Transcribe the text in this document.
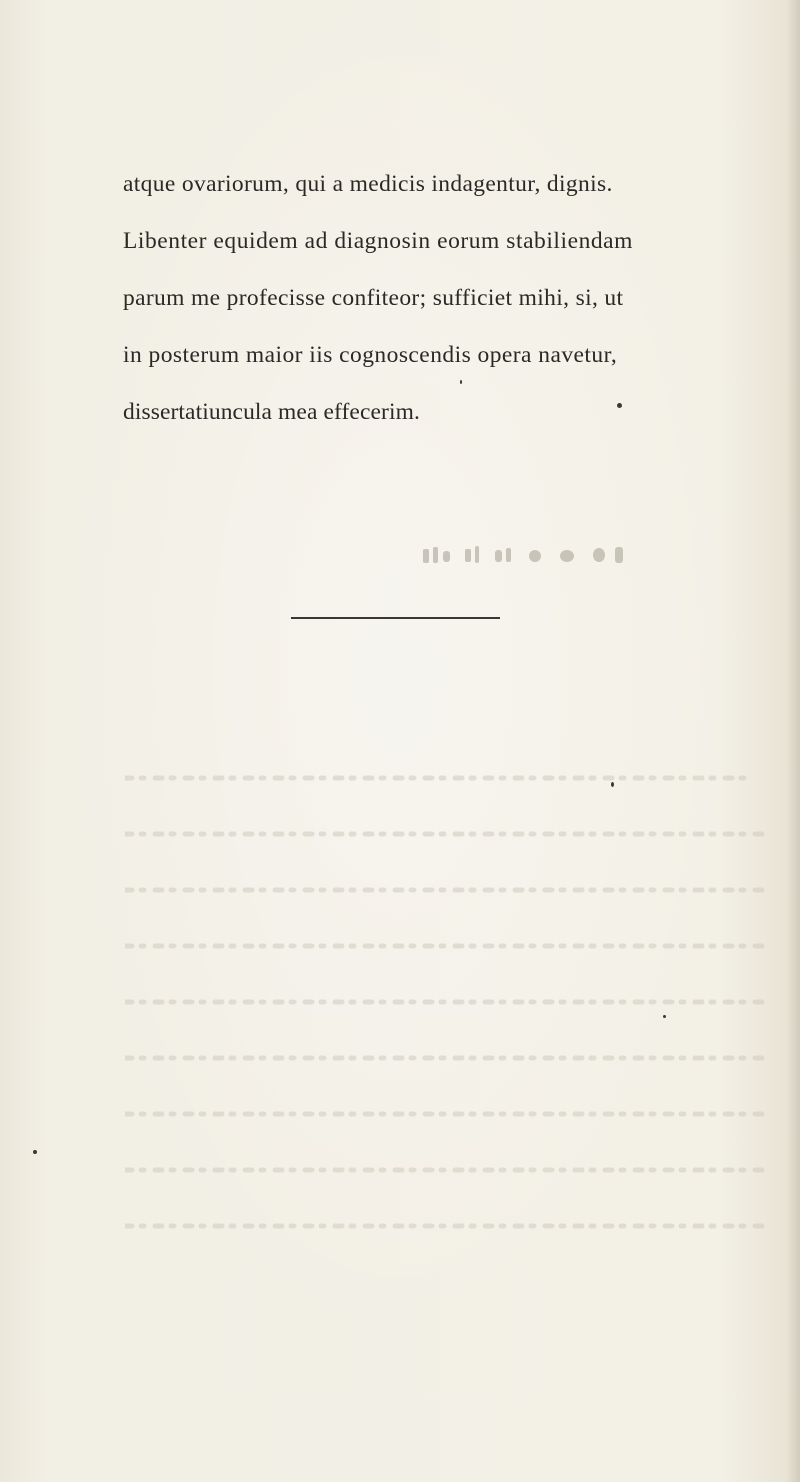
atque ovariorum, qui a medicis indagentur, dignis.
Libenter equidem ad diagnosin eorum stabiliendam
parum me profecisse confiteor; sufficiet mihi, si, ut
in posterum maior iis cognoscendis opera navetur,
dissertatiuncula mea effecerim.
